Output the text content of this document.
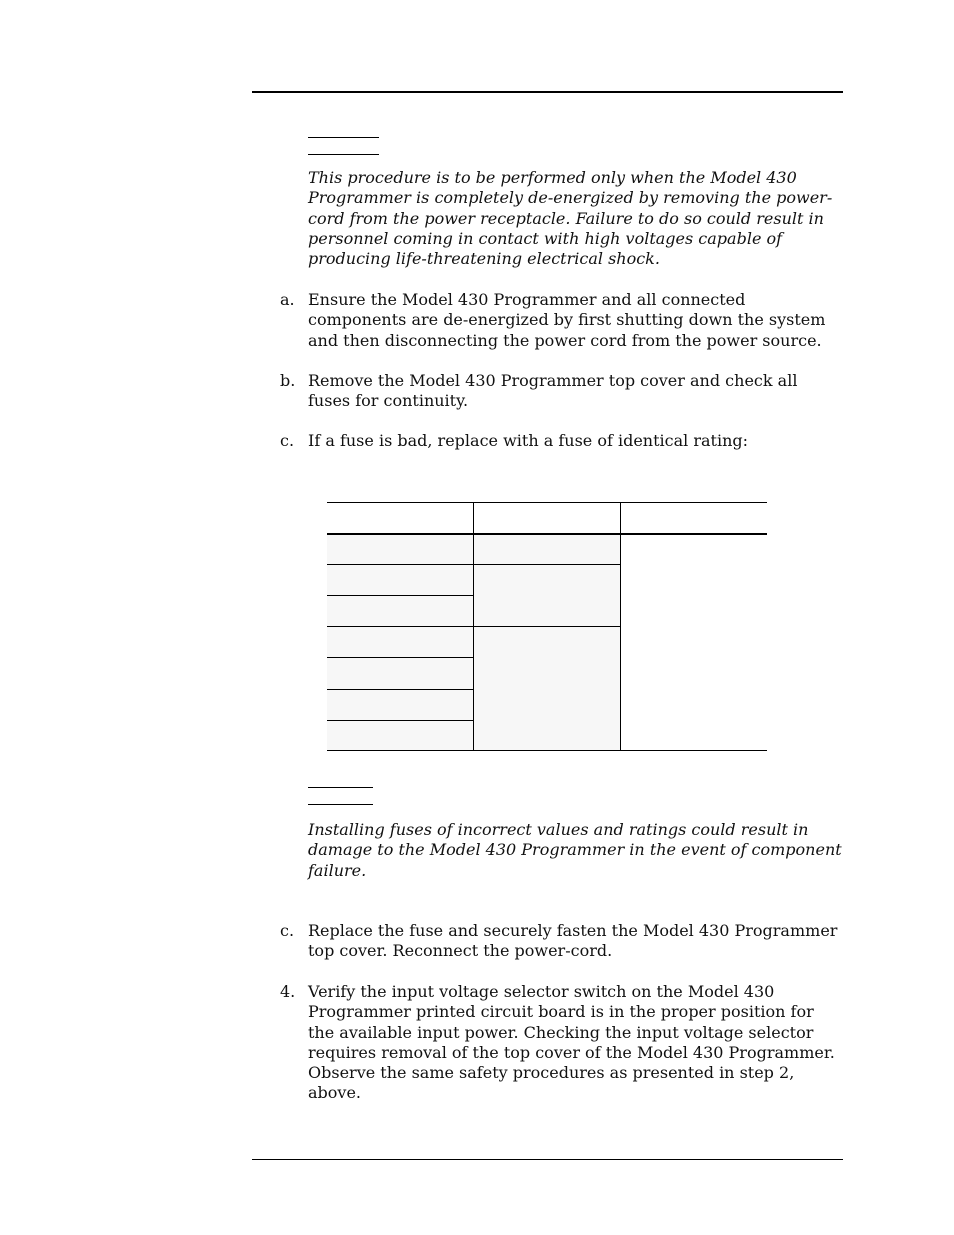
This procedure is to be performed only when the Model 430 Programmer is completely de-energized by removing the power-cord from the power receptacle. Failure to do so could result in personnel coming in contact with high voltages capable of producing life-threatening electrical shock.
a. Ensure the Model 430 Programmer and all connected components are de-energized by first shutting down the system and then disconnecting the power cord from the power source.
b. Remove the Model 430 Programmer top cover and check all fuses for continuity.
c. If a fuse is bad, replace with a fuse of identical rating:
Installing fuses of incorrect values and ratings could result in damage to the Model 430 Programmer in the event of component failure.
c. Replace the fuse and securely fasten the Model 430 Programmer top cover. Reconnect the power-cord.
4. Verify the input voltage selector switch on the Model 430 Programmer printed circuit board is in the proper position for the available input power. Checking the input voltage selector requires removal of the top cover of the Model 430 Programmer. Observe the same safety procedures as presented in step 2, above.
